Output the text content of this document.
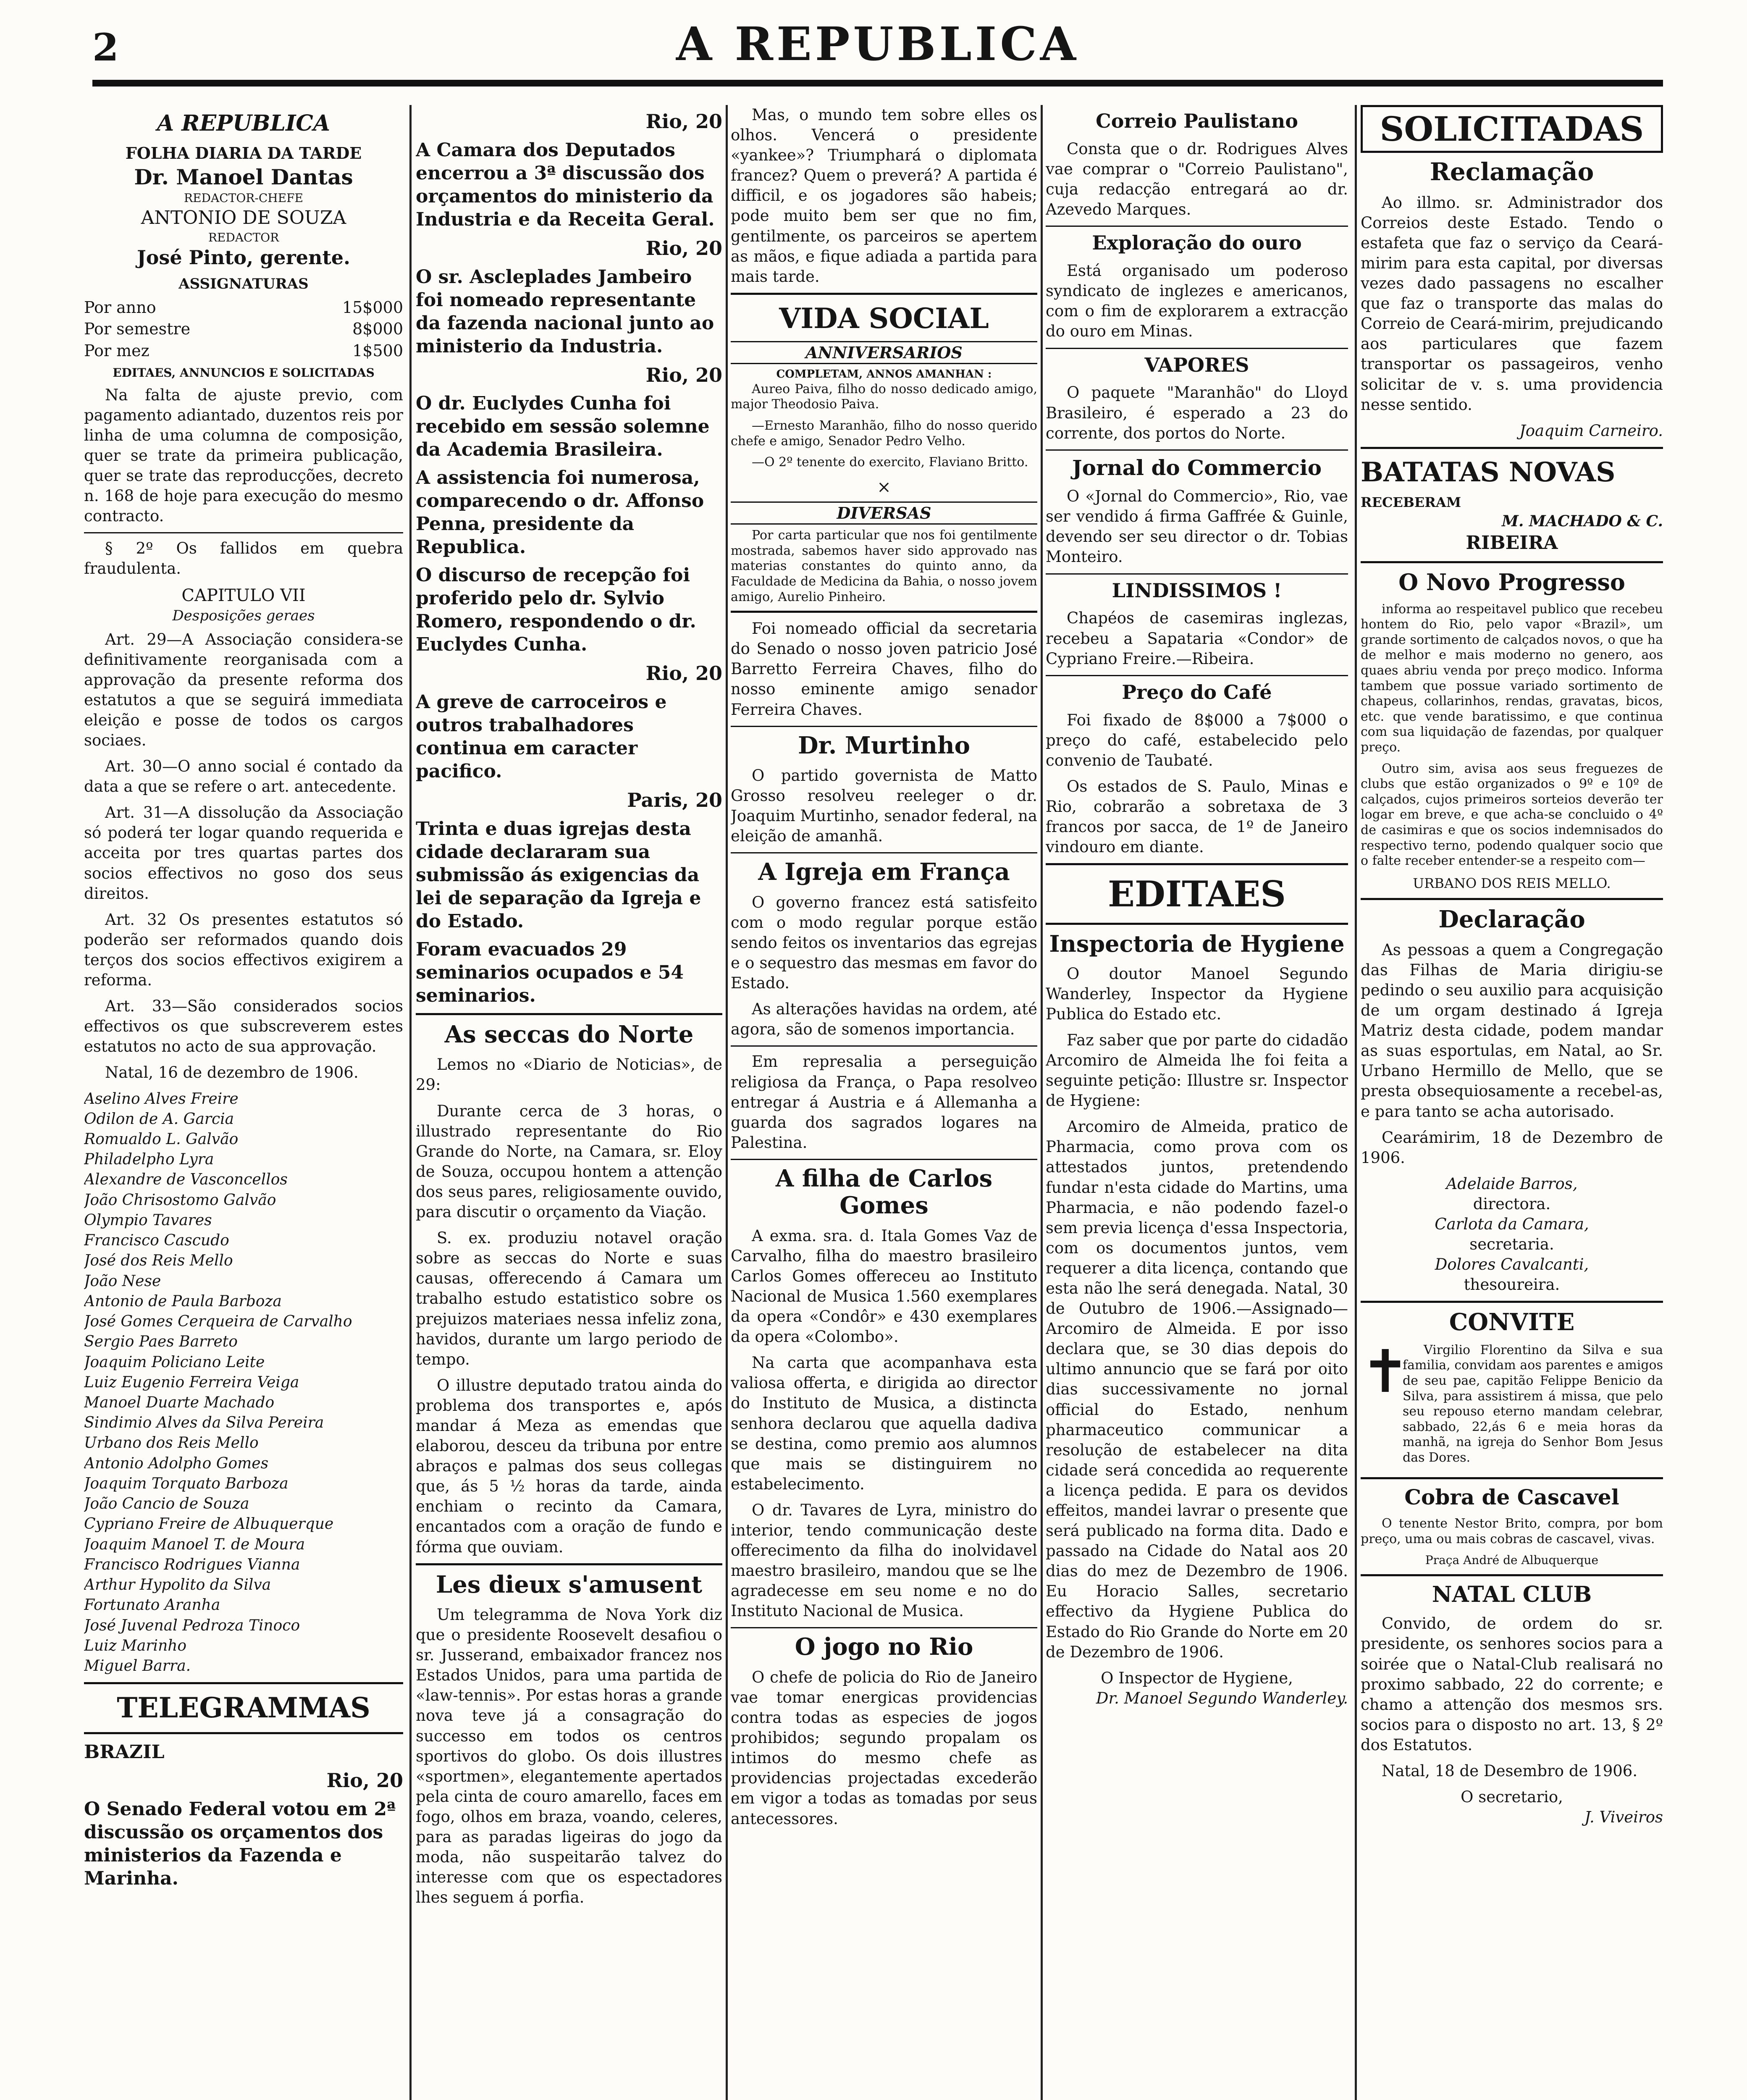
2	A REPUBLICA
A REPUBLICA
FOLHA DIARIA DA TARDE
Dr. Manoel Dantas
REDACTOR-CHEFE
ANTONIO DE SOUZA
REDACTOR
José Pinto, gerente.
ASSIGNATURAS
Por anno	15$000
Por semestre	8$000
Por mez	1$500
EDITAES, ANNUNCIOS E SOLICITADAS

Na falta de ajuste previo, com pagamento adiantado, duzentos reis por linha de uma columna de composição, quer se trate da primeira publicação, quer se trate das reproducções, decreto n. 168 de hoje para execução do mesmo contracto.

§ 2º Os fallidos em quebra fraudulenta.

CAPITULO VII
Desposições geraes

Art. 29—A Associação considera-se definitivamente reorganisada com a approvação da presente reforma dos estatutos a que se seguirá immediata eleição e posse de todos os cargos sociaes.

Art. 30—O anno social é contado da data a que se refere o art. antecedente.

Art. 31—A dissolução da Associação só poderá ter logar quando requerida e acceita por tres quartas partes dos socios effectivos no goso dos seus direitos.

Art. 32 Os presentes estatutos só poderão ser reformados quando dois terços dos socios effectivos exigirem a reforma.

Art. 33—São considerados socios effectivos os que subscreverem estes estatutos no acto de sua approvação.

Natal, 16 de dezembro de 1906.

Aselino Alves Freire
Odilon de A. Garcia
Romualdo L. Galvão
Philadelpho Lyra
Alexandre de Vasconcellos
João Chrisostomo Galvão
Olympio Tavares
Francisco Cascudo
José dos Reis Mello
João Nese
Antonio de Paula Barboza
José Gomes Cerqueira de Carvalho
Sergio Paes Barreto
Joaquim Policiano Leite
Luiz Eugenio Ferreira Veiga
Manoel Duarte Machado
Sindimio Alves da Silva Pereira
Urbano dos Reis Mello
Antonio Adolpho Gomes
Joaquim Torquato Barboza
João Cancio de Souza
Cypriano Freire de Albuquerque
Joaquim Manoel T. de Moura
Francisco Rodrigues Vianna
Arthur Hypolito da Silva
Fortunato Aranha
José Juvenal Pedroza Tinoco
Luiz Marinho
Miguel Barra.
TELEGRAMMAS
BRAZIL
Rio, 20
O Senado Federal votou em 2ª discussão os orçamentos dos ministerios da Fazenda e Marinha.
Rio, 20
A Camara dos Deputados encerrou a 3ª discussão dos orçamentos do ministerio da Industria e da Receita Geral.
Rio, 20
O sr. Ascleplades Jambeiro foi nomeado representante da fazenda nacional junto ao ministerio da Industria.
Rio, 20
O dr. Euclydes Cunha foi recebido em sessão solemne da Academia Brasileira.
A assistencia foi numerosa, comparecendo o dr. Affonso Penna, presidente da Republica.
O discurso de recepção foi proferido pelo dr. Sylvio Romero, respondendo o dr. Euclydes Cunha.
Rio, 20
A greve de carroceiros e outros trabalhadores continua em caracter pacifico.
Paris, 20
Trinta e duas igrejas desta cidade declararam sua submissão ás exigencias da lei de separação da Igreja e do Estado.
Foram evacuados 29 seminarios ocupados e 54 seminarios.
As seccas do Norte

Lemos no «Diario de Noticias», de 29:

Durante cerca de 3 horas, o illustrado representante do Rio Grande do Norte, na Camara, sr. Eloy de Souza, occupou hontem a attenção dos seus pares, religiosamente ouvido, para discutir o orçamento da Viação.

S. ex. produziu notavel oração sobre as seccas do Norte e suas causas, offerecendo á Camara um trabalho estudo estatistico sobre os prejuizos materiaes nessa infeliz zona, havidos, durante um largo periodo de tempo.

O illustre deputado tratou ainda do problema dos transportes e, após mandar á Meza as emendas que elaborou, desceu da tribuna por entre abraços e palmas dos seus collegas que, ás 5 ½ horas da tarde, ainda enchiam o recinto da Camara, encantados com a oração de fundo e fórma que ouviam.

Les dieux s'amusent

Um telegramma de Nova York diz que o presidente Roosevelt desafiou o sr. Jusserand, embaixador francez nos Estados Unidos, para uma partida de «law-tennis». Por estas horas a grande nova teve já a consagração do successo em todos os centros sportivos do globo. Os dois illustres «sportmen», elegantemente apertados pela cinta de couro amarello, faces em fogo, olhos em braza, voando, celeres, para as paradas ligeiras do jogo da moda, não suspeitarão talvez do interesse com que os espectadores lhes seguem á porfia.

Mas, o mundo tem sobre elles os olhos. Vencerá o presidente «yankee»? Triumphará o diplomata francez? Quem o preverá? A partida é difficil, e os jogadores são habeis; pode muito bem ser que no fim, gentilmente, os parceiros se apertem as mãos, e fique adiada a partida para mais tarde.

VIDA SOCIAL
ANNIVERSARIOS
COMPLETAM, ANNOS AMANHAN :

Aureo Paiva, filho do nosso dedicado amigo, major Theodosio Paiva.

—Ernesto Maranhão, filho do nosso querido chefe e amigo, Senador Pedro Velho.

—O 2º tenente do exercito, Flaviano Britto.

×
DIVERSAS

Por carta particular que nos foi gentilmente mostrada, sabemos haver sido approvado nas materias constantes do quinto anno, da Faculdade de Medicina da Bahia, o nosso jovem amigo, Aurelio Pinheiro.

Foi nomeado official da secretaria do Senado o nosso joven patricio José Barretto Ferreira Chaves, filho do nosso eminente amigo senador Ferreira Chaves.

Dr. Murtinho

O partido governista de Matto Grosso resolveu reeleger o dr. Joaquim Murtinho, senador federal, na eleição de amanhã.

A Igreja em França

O governo francez está satisfeito com o modo regular porque estão sendo feitos os inventarios das egrejas e o sequestro das mesmas em favor do Estado.

As alterações havidas na ordem, até agora, são de somenos importancia.

Em represalia a perseguição religiosa da França, o Papa resolveo entregar á Austria e á Allemanha a guarda dos sagrados logares na Palestina.

A filha de Carlos Gomes

A exma. sra. d. Itala Gomes Vaz de Carvalho, filha do maestro brasileiro Carlos Gomes offereceu ao Instituto Nacional de Musica 1.560 exemplares da opera «Condôr» e 430 exemplares da opera «Colombo».

Na carta que acompanhava esta valiosa offerta, e dirigida ao director do Instituto de Musica, a distincta senhora declarou que aquella dadiva se destina, como premio aos alumnos que mais se distinguirem no estabelecimento.

O dr. Tavares de Lyra, ministro do interior, tendo communicação deste offerecimento da filha do inolvidavel maestro brasileiro, mandou que se lhe agradecesse em seu nome e no do Instituto Nacional de Musica.

O jogo no Rio

O chefe de policia do Rio de Janeiro vae tomar energicas providencias contra todas as especies de jogos prohibidos; segundo propalam os intimos do mesmo chefe as providencias projectadas excederão em vigor a todas as tomadas por seus antecessores.

Correio Paulistano

Consta que o dr. Rodrigues Alves vae comprar o "Correio Paulistano", cuja redacção entregará ao dr. Azevedo Marques.

Exploração do ouro

Está organisado um poderoso syndicato de inglezes e americanos, com o fim de explorarem a extracção do ouro em Minas.

VAPORES

O paquete "Maranhão" do Lloyd Brasileiro, é esperado a 23 do corrente, dos portos do Norte.

Jornal do Commercio

O «Jornal do Commercio», Rio, vae ser vendido á firma Gaffrée & Guinle, devendo ser seu director o dr. Tobias Monteiro.

LINDISSIMOS !

Chapéos de casemiras inglezas, recebeu a Sapataria «Condor» de Cypriano Freire.—Ribeira.

Preço do Café

Foi fixado de 8$000 a 7$000 o preço do café, estabelecido pelo convenio de Taubaté.

Os estados de S. Paulo, Minas e Rio, cobrarão a sobretaxa de 3 francos por sacca, de 1º de Janeiro vindouro em diante.

EDITAES
Inspectoria de Hygiene

O doutor Manoel Segundo Wanderley, Inspector da Hygiene Publica do Estado etc.

Faz saber que por parte do cidadão Arcomiro de Almeida lhe foi feita a seguinte petição: Illustre sr. Inspector de Hygiene:

Arcomiro de Almeida, pratico de Pharmacia, como prova com os attestados juntos, pretendendo fundar n'esta cidade do Martins, uma Pharmacia, e não podendo fazel-o sem previa licença d'essa Inspectoria, com os documentos juntos, vem requerer a dita licença, contando que esta não lhe será denegada. Natal, 30 de Outubro de 1906.—Assignado—Arcomiro de Almeida. E por isso declara que, se 30 dias depois do ultimo annuncio que se fará por oito dias successivamente no jornal official do Estado, nenhum pharmaceutico communicar a resolução de estabelecer na dita cidade será concedida ao requerente a licença pedida. E para os devidos effeitos, mandei lavrar o presente que será publicado na forma dita. Dado e passado na Cidade do Natal aos 20 dias do mez de Dezembro de 1906. Eu Horacio Salles, secretario effectivo da Hygiene Publica do Estado do Rio Grande do Norte em 20 de Dezembro de 1906.

O Inspector de Hygiene,
Dr. Manoel Segundo Wanderley.
SOLICITADAS
Reclamação

Ao illmo. sr. Administrador dos Correios deste Estado. Tendo o estafeta que faz o serviço da Ceará-mirim para esta capital, por diversas vezes dado passagens no escalher que faz o transporte das malas do Correio de Ceará-mirim, prejudicando aos particulares que fazem transportar os passageiros, venho solicitar de v. s. uma providencia nesse sentido.

Joaquim Carneiro.
BATATAS NOVAS
RECEBERAM
M. MACHADO & C.
RIBEIRA
O Novo Progresso

informa ao respeitavel publico que recebeu hontem do Rio, pelo vapor «Brazil», um grande sortimento de calçados novos, o que ha de melhor e mais moderno no genero, aos quaes abriu venda por preço modico. Informa tambem que possue variado sortimento de chapeus, collarinhos, rendas, gravatas, bicos, etc. que vende baratissimo, e que continua com sua liquidação de fazendas, por qualquer preço.

Outro sim, avisa aos seus freguezes de clubs que estão organizados o 9º e 10º de calçados, cujos primeiros sorteios deverão ter logar em breve, e que acha-se concluido o 4º de casimiras e que os socios indemnisados do respectivo terno, podendo qualquer socio que o falte receber entender-se a respeito com—

URBANO DOS REIS MELLO.
Declaração

As pessoas a quem a Congregação das Filhas de Maria dirigiu-se pedindo o seu auxilio para acquisição de um orgam destinado á Igreja Matriz desta cidade, podem mandar as suas esportulas, em Natal, ao Sr. Urbano Hermillo de Mello, que se presta obsequiosamente a recebel-as, e para tanto se acha autorisado.

Cearámirim, 18 de Dezembro de 1906.

Adelaide Barros,
directora.
Carlota da Camara,
secretaria.
Dolores Cavalcanti,
thesoureira.
CONVITE
✝	Virgilio Florentino da Silva e sua familia, convidam aos parentes e amigos de seu pae, capitão Felippe Benicio da Silva, para assistirem á missa, que pelo seu repouso eterno mandam celebrar, sabbado, 22,ás 6 e meia horas da manhã, na igreja do Senhor Bom Jesus das Dores.

Cobra de Cascavel

O tenente Nestor Brito, compra, por bom preço, uma ou mais cobras de cascavel, vivas.

Praça André de Albuquerque
NATAL CLUB

Convido, de ordem do sr. presidente, os senhores socios para a soirée que o Natal-Club realisará no proximo sabbado, 22 do corrente; e chamo a attenção dos mesmos srs. socios para o disposto no art. 13, § 2º dos Estatutos.

Natal, 18 de Desembro de 1906.

O secretario,
J. Viveiros
